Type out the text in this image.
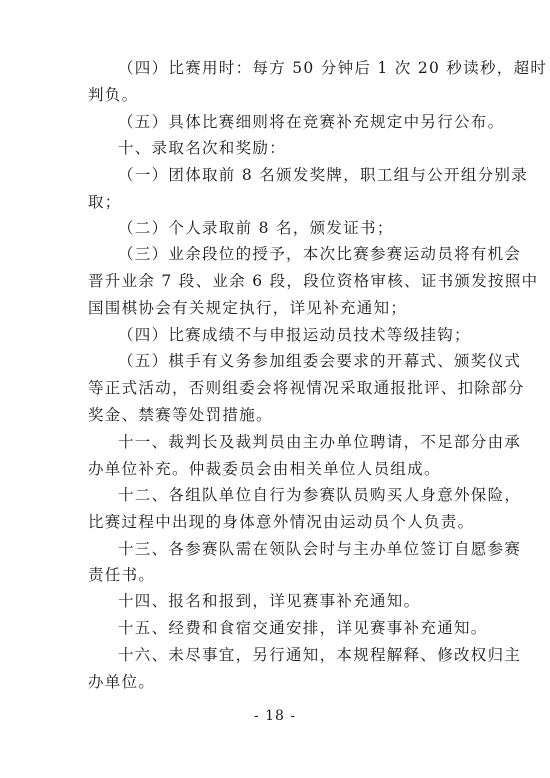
（四）比赛用时：每方 50 分钟后 1 次 20 秒读秒，超时
判负。
（五）具体比赛细则将在竞赛补充规定中另行公布。
十、录取名次和奖励：
（一）团体取前 8 名颁发奖牌，职工组与公开组分别录
取；
（二）个人录取前 8 名，颁发证书；
（三）业余段位的授予，本次比赛参赛运动员将有机会
晋升业余 7 段、业余 6 段，段位资格审核、证书颁发按照中
国围棋协会有关规定执行，详见补充通知；
（四）比赛成绩不与申报运动员技术等级挂钩；
（五）棋手有义务参加组委会要求的开幕式、颁奖仪式
等正式活动，否则组委会将视情况采取通报批评、扣除部分
奖金、禁赛等处罚措施。
十一、裁判长及裁判员由主办单位聘请，不足部分由承
办单位补充。仲裁委员会由相关单位人员组成。
十二、各组队单位自行为参赛队员购买人身意外保险，
比赛过程中出现的身体意外情况由运动员个人负责。
十三、各参赛队需在领队会时与主办单位签订自愿参赛
责任书。
十四、报名和报到，详见赛事补充通知。
十五、经费和食宿交通安排，详见赛事补充通知。
十六、未尽事宜，另行通知，本规程解释、修改权归主
办单位。
- 18 -
